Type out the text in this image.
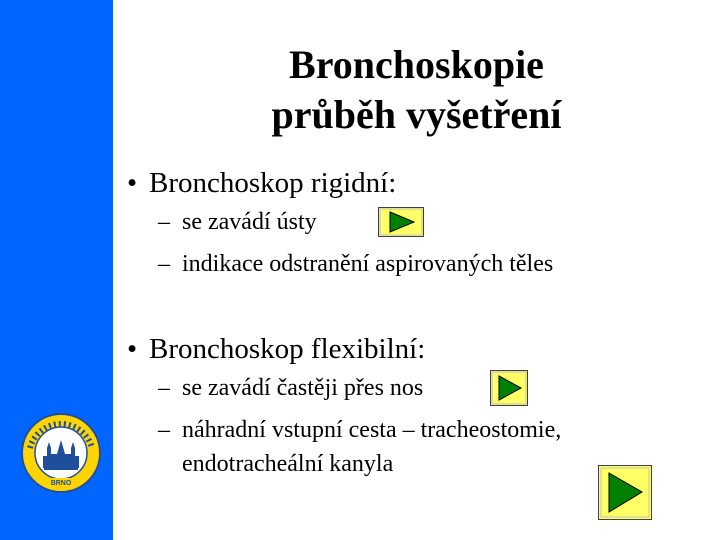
BRNO
Bronchoskopie
průběh vyšetření
• Bronchoskop rigidní:
– se zavádí ústy
– indikace odstranění aspirovaných těles
• Bronchoskop flexibilní:
– se zavádí častěji přes nos
– náhradní vstupní cesta – tracheostomie,
endotracheální kanyla
